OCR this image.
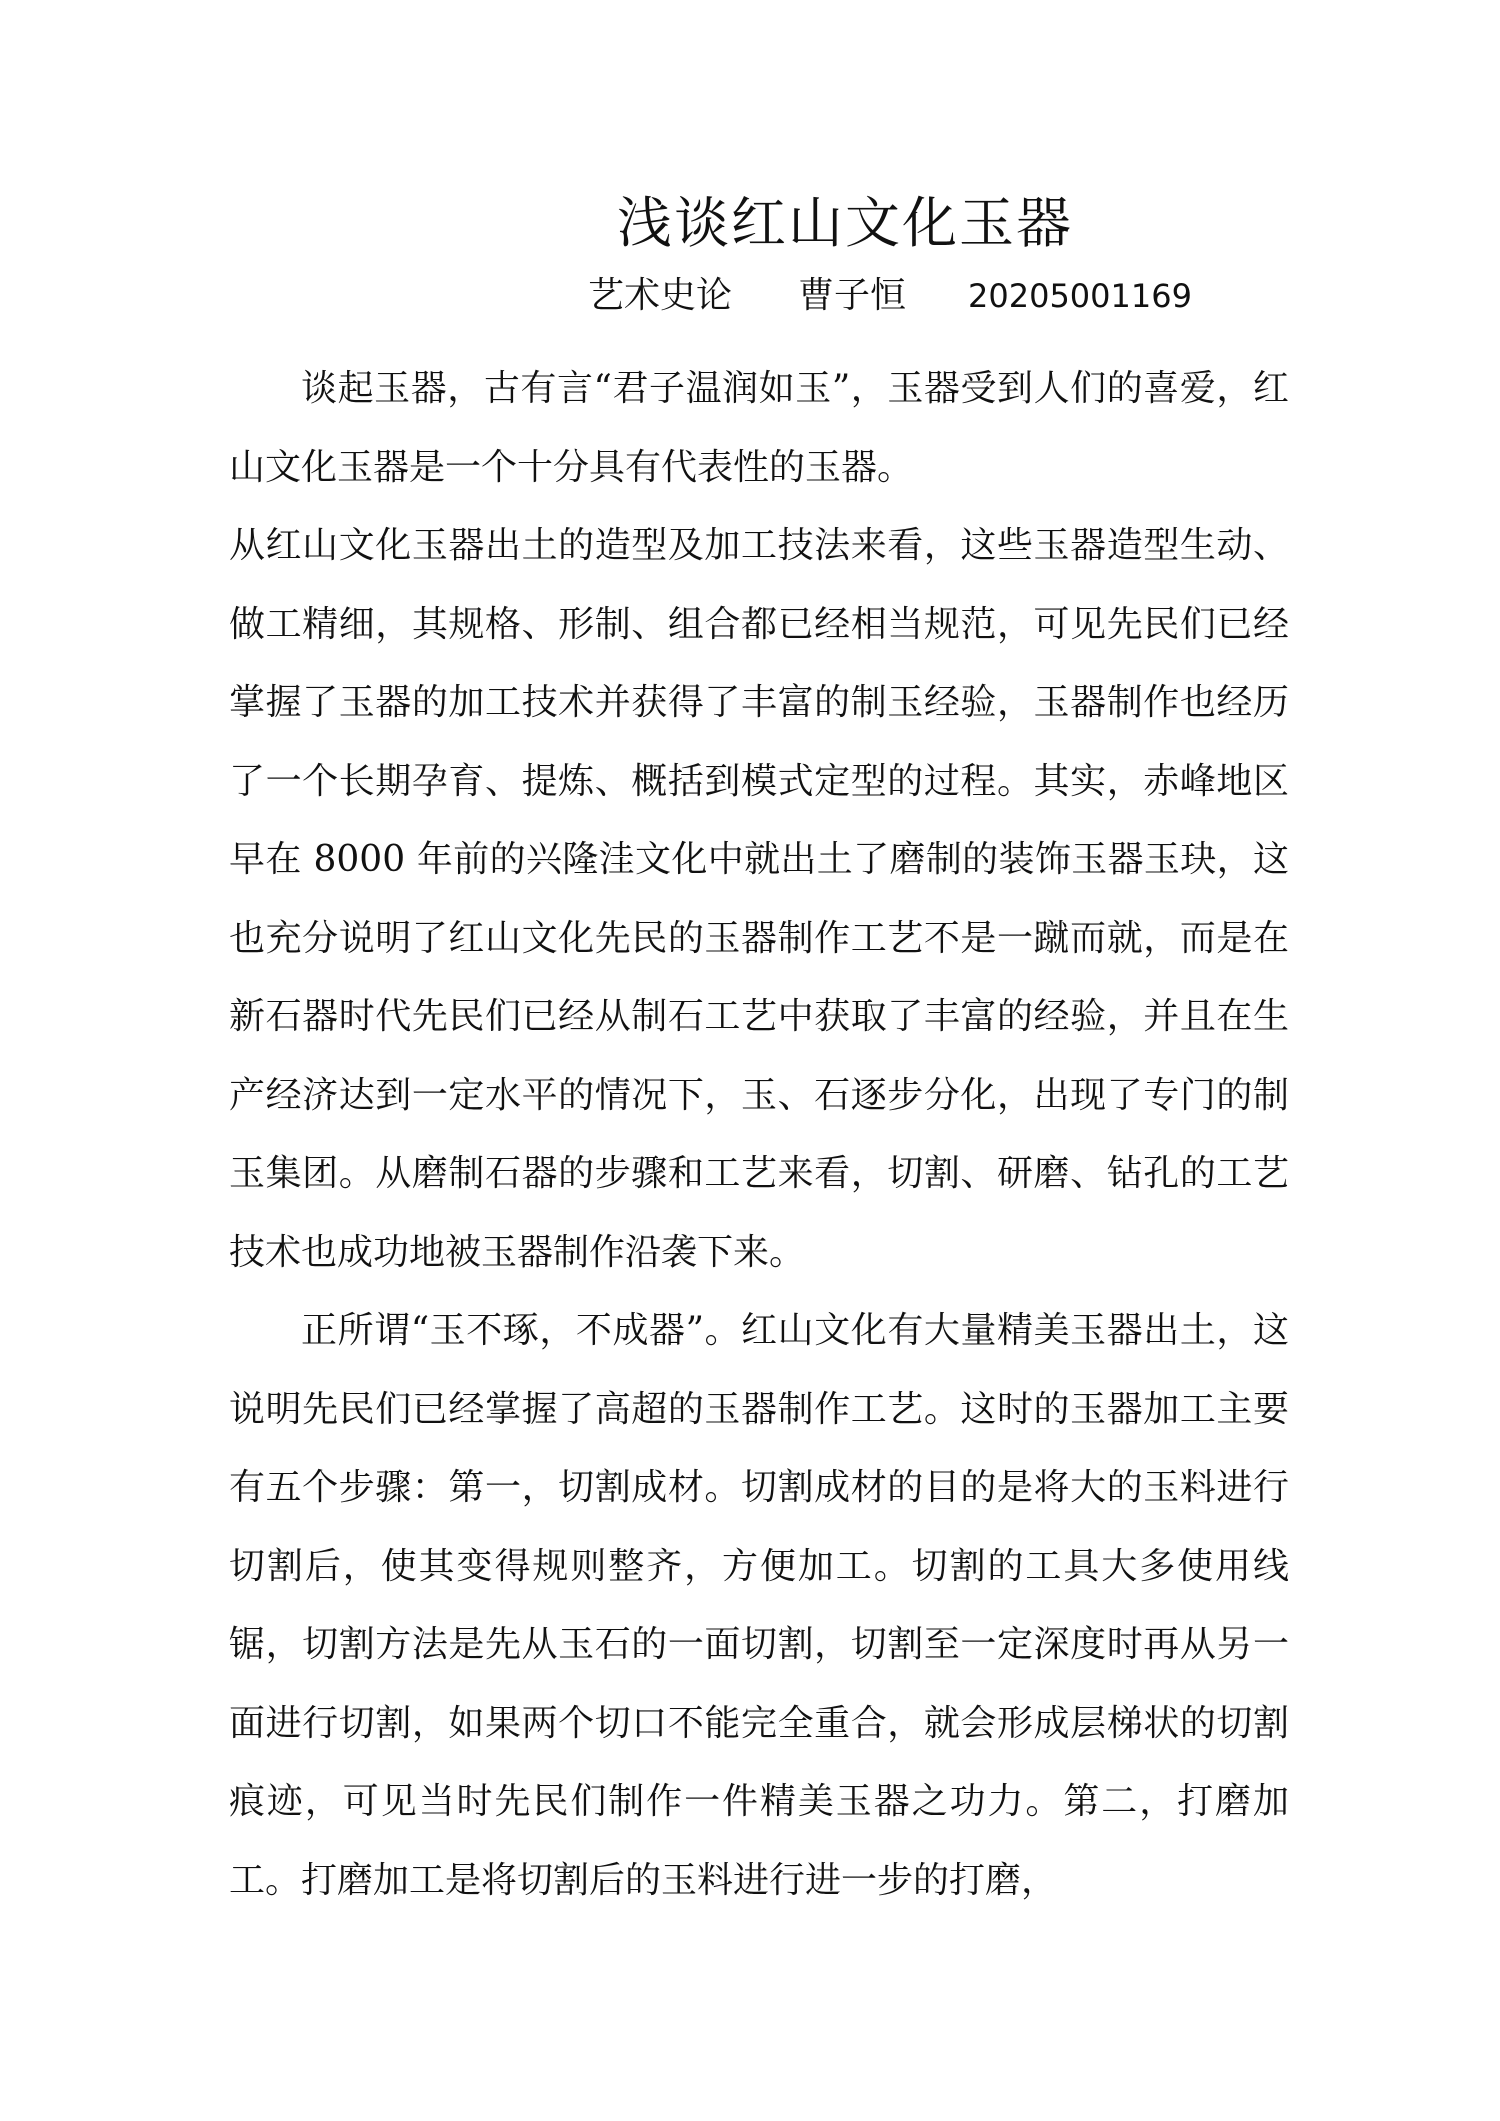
浅谈红山文化玉器
艺术史论 曹子恒 20205001169

谈起玉器，古有言“君子温润如玉”，玉器受到人们的喜爱，红山文化玉器是一个十分具有代表性的玉器。

从红山文化玉器出土的造型及加工技法来看，这些玉器造型生动、做工精细，其规格、形制、组合都已经相当规范，可见先民们已经掌握了玉器的加工技术并获得了丰富的制玉经验，玉器制作也经历了一个长期孕育、提炼、概括到模式定型的过程。其实，赤峰地区早在 8000 年前的兴隆洼文化中就出土了磨制的装饰玉器玉玦，这也充分说明了红山文化先民的玉器制作工艺不是一蹴而就，而是在新石器时代先民们已经从制石工艺中获取了丰富的经验，并且在生产经济达到一定水平的情况下，玉、石逐步分化，出现了专门的制玉集团。从磨制石器的步骤和工艺来看，切割、研磨、钻孔的工艺技术也成功地被玉器制作沿袭下来。

正所谓“玉不琢，不成器”。红山文化有大量精美玉器出土，这说明先民们已经掌握了高超的玉器制作工艺。这时的玉器加工主要有五个步骤：第一，切割成材。切割成材的目的是将大的玉料进行切割后，使其变得规则整齐，方便加工。切割的工具大多使用线锯，切割方法是先从玉石的一面切割，切割至一定深度时再从另一面进行切割，如果两个切口不能完全重合，就会形成层梯状的切割痕迹，可见当时先民们制作一件精美玉器之功力。第二，打磨加工。打磨加工是将切割后的玉料进行进一步的打磨，
